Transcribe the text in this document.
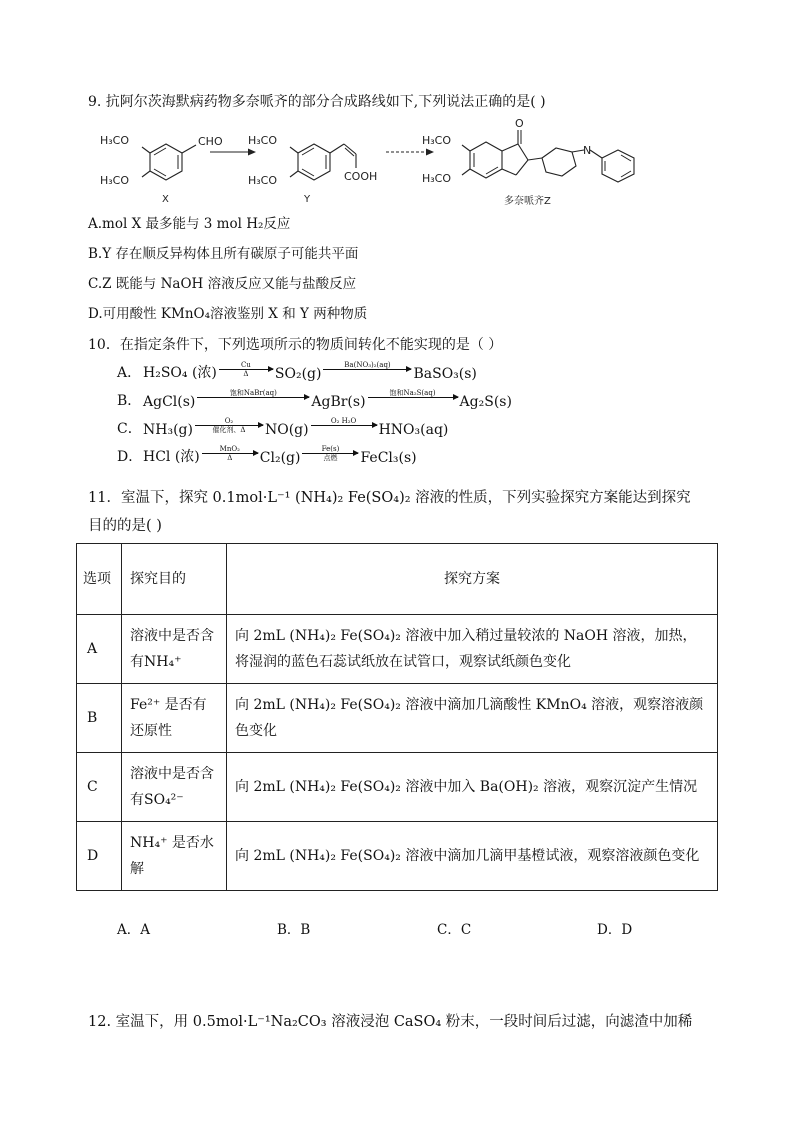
9. 抗阿尔茨海默病药物多奈哌齐的部分合成路线如下,下列说法正确的是( )
H₃CO
H₃CO
CHO
X
H₃CO
H₃CO	COOH
Y
H₃CO
H₃CO
O
N
多奈哌齐Z
A.mol X 最多能与 3 mol H₂反应
B.Y 存在顺反异构体且所有碳原子可能共平面
C.Z 既能与 NaOH 溶液反应又能与盐酸反应
D.可用酸性 KMnO₄溶液鉴别 X 和 Y 两种物质
10．在指定条件下，下列选项所示的物质间转化不能实现的是（ ）
A． H₂SO₄ (浓)	Cu
Δ SO₂(g)
Ba(NO₃)₂(aq)
BaSO₃(s)
B． AgCl(s)
饱和NaBr(aq)
AgBr(s)
饱和Na₂S(aq)
Ag₂S(s)
C． NH₃(g)
O₂
催化剂、Δ NO(g)
O₂ H₂O
HNO₃(aq)
D． HCl (浓)	MnO₂
Δ Cl₂(g)
Fe(s)
点燃 FeCl₃(s)
11．室温下，探究 0.1mol·L⁻¹ (NH₄)₂ Fe(SO₄)₂ 溶液的性质，下列实验探究方案能达到探究
目的的是( )
选项	探究目的	探究方案
A	溶液中是否含有NH₄⁺	向 2mL (NH₄)₂ Fe(SO₄)₂ 溶液中加入稍过量较浓的 NaOH 溶液，加热，将湿润的蓝色石蕊试纸放在试管口，观察试纸颜色变化
B	Fe²⁺ 是否有还原性	向 2mL (NH₄)₂ Fe(SO₄)₂ 溶液中滴加几滴酸性 KMnO₄ 溶液，观察溶液颜色变化
C	溶液中是否含有SO₄²⁻	向 2mL (NH₄)₂ Fe(SO₄)₂ 溶液中加入 Ba(OH)₂ 溶液，观察沉淀产生情况
D	NH₄⁺ 是否水解	向 2mL (NH₄)₂ Fe(SO₄)₂ 溶液中滴加几滴甲基橙试液，观察溶液颜色变化
A．A	B．B	C．C	D．D
12. 室温下，用 0.5mol·L⁻¹Na₂CO₃ 溶液浸泡 CaSO₄ 粉末，一段时间后过滤，向滤渣中加稀
